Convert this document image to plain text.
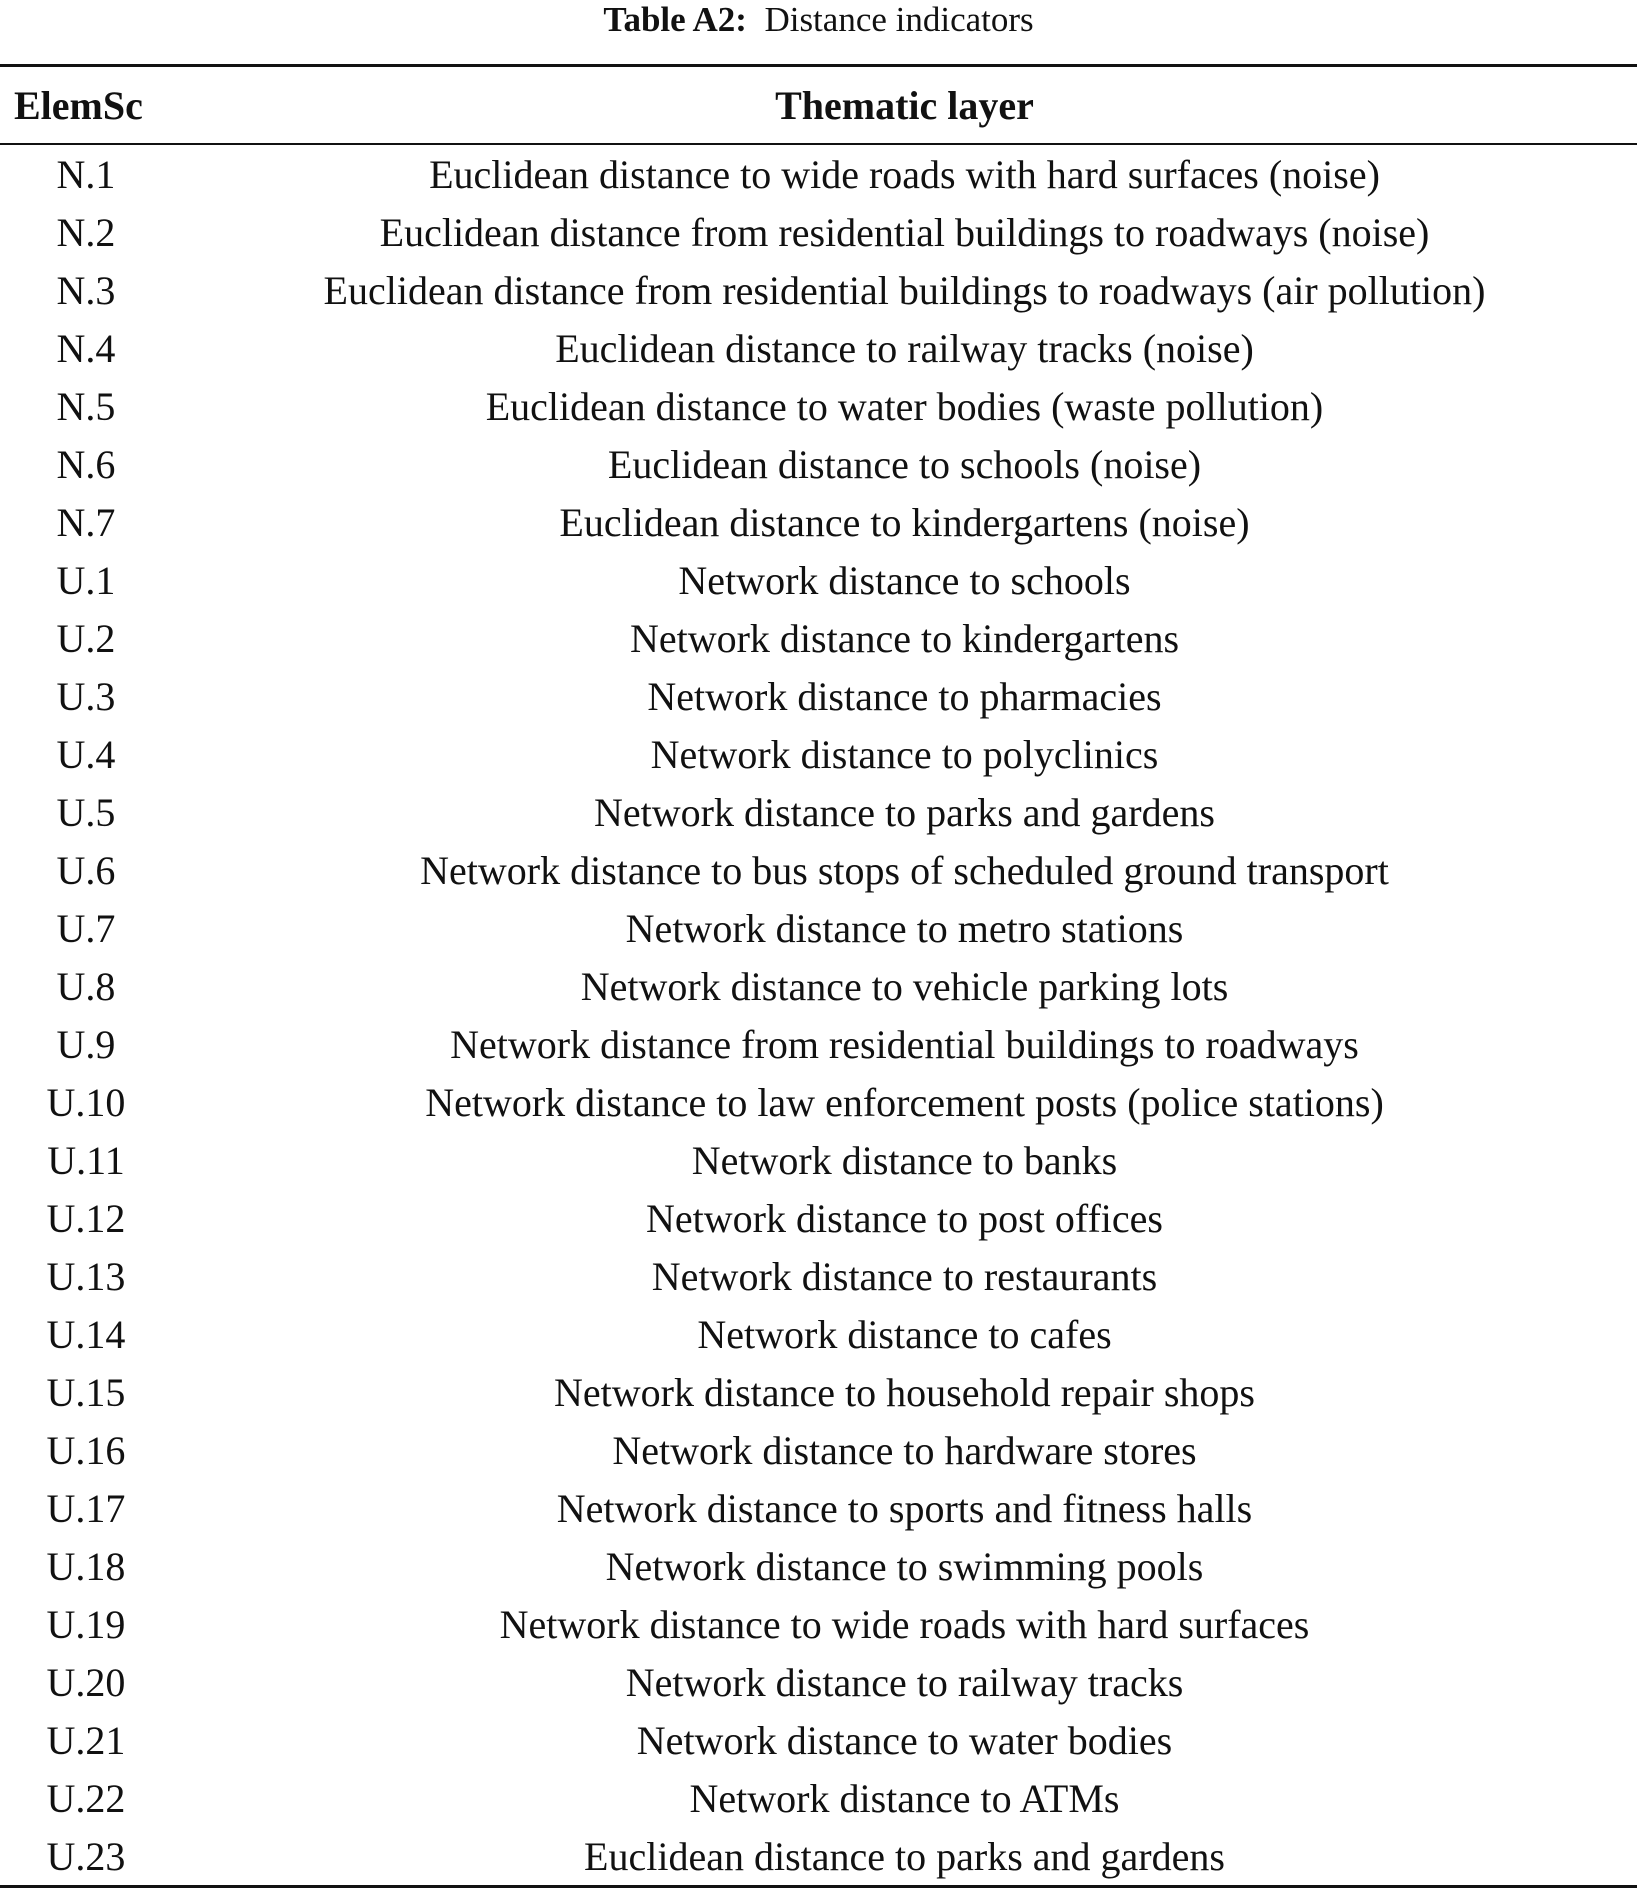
Table A2: Distance indicators
ElemSc	Thematic layer
N.1	Euclidean distance to wide roads with hard surfaces (noise)
N.2	Euclidean distance from residential buildings to roadways (noise)
N.3	Euclidean distance from residential buildings to roadways (air pollution)
N.4	Euclidean distance to railway tracks (noise)
N.5	Euclidean distance to water bodies (waste pollution)
N.6	Euclidean distance to schools (noise)
N.7	Euclidean distance to kindergartens (noise)
U.1	Network distance to schools
U.2	Network distance to kindergartens
U.3	Network distance to pharmacies
U.4	Network distance to polyclinics
U.5	Network distance to parks and gardens
U.6	Network distance to bus stops of scheduled ground transport
U.7	Network distance to metro stations
U.8	Network distance to vehicle parking lots
U.9	Network distance from residential buildings to roadways
U.10	Network distance to law enforcement posts (police stations)
U.11	Network distance to banks
U.12	Network distance to post offices
U.13	Network distance to restaurants
U.14	Network distance to cafes
U.15	Network distance to household repair shops
U.16	Network distance to hardware stores
U.17	Network distance to sports and fitness halls
U.18	Network distance to swimming pools
U.19	Network distance to wide roads with hard surfaces
U.20	Network distance to railway tracks
U.21	Network distance to water bodies
U.22	Network distance to ATMs
U.23	Euclidean distance to parks and gardens
